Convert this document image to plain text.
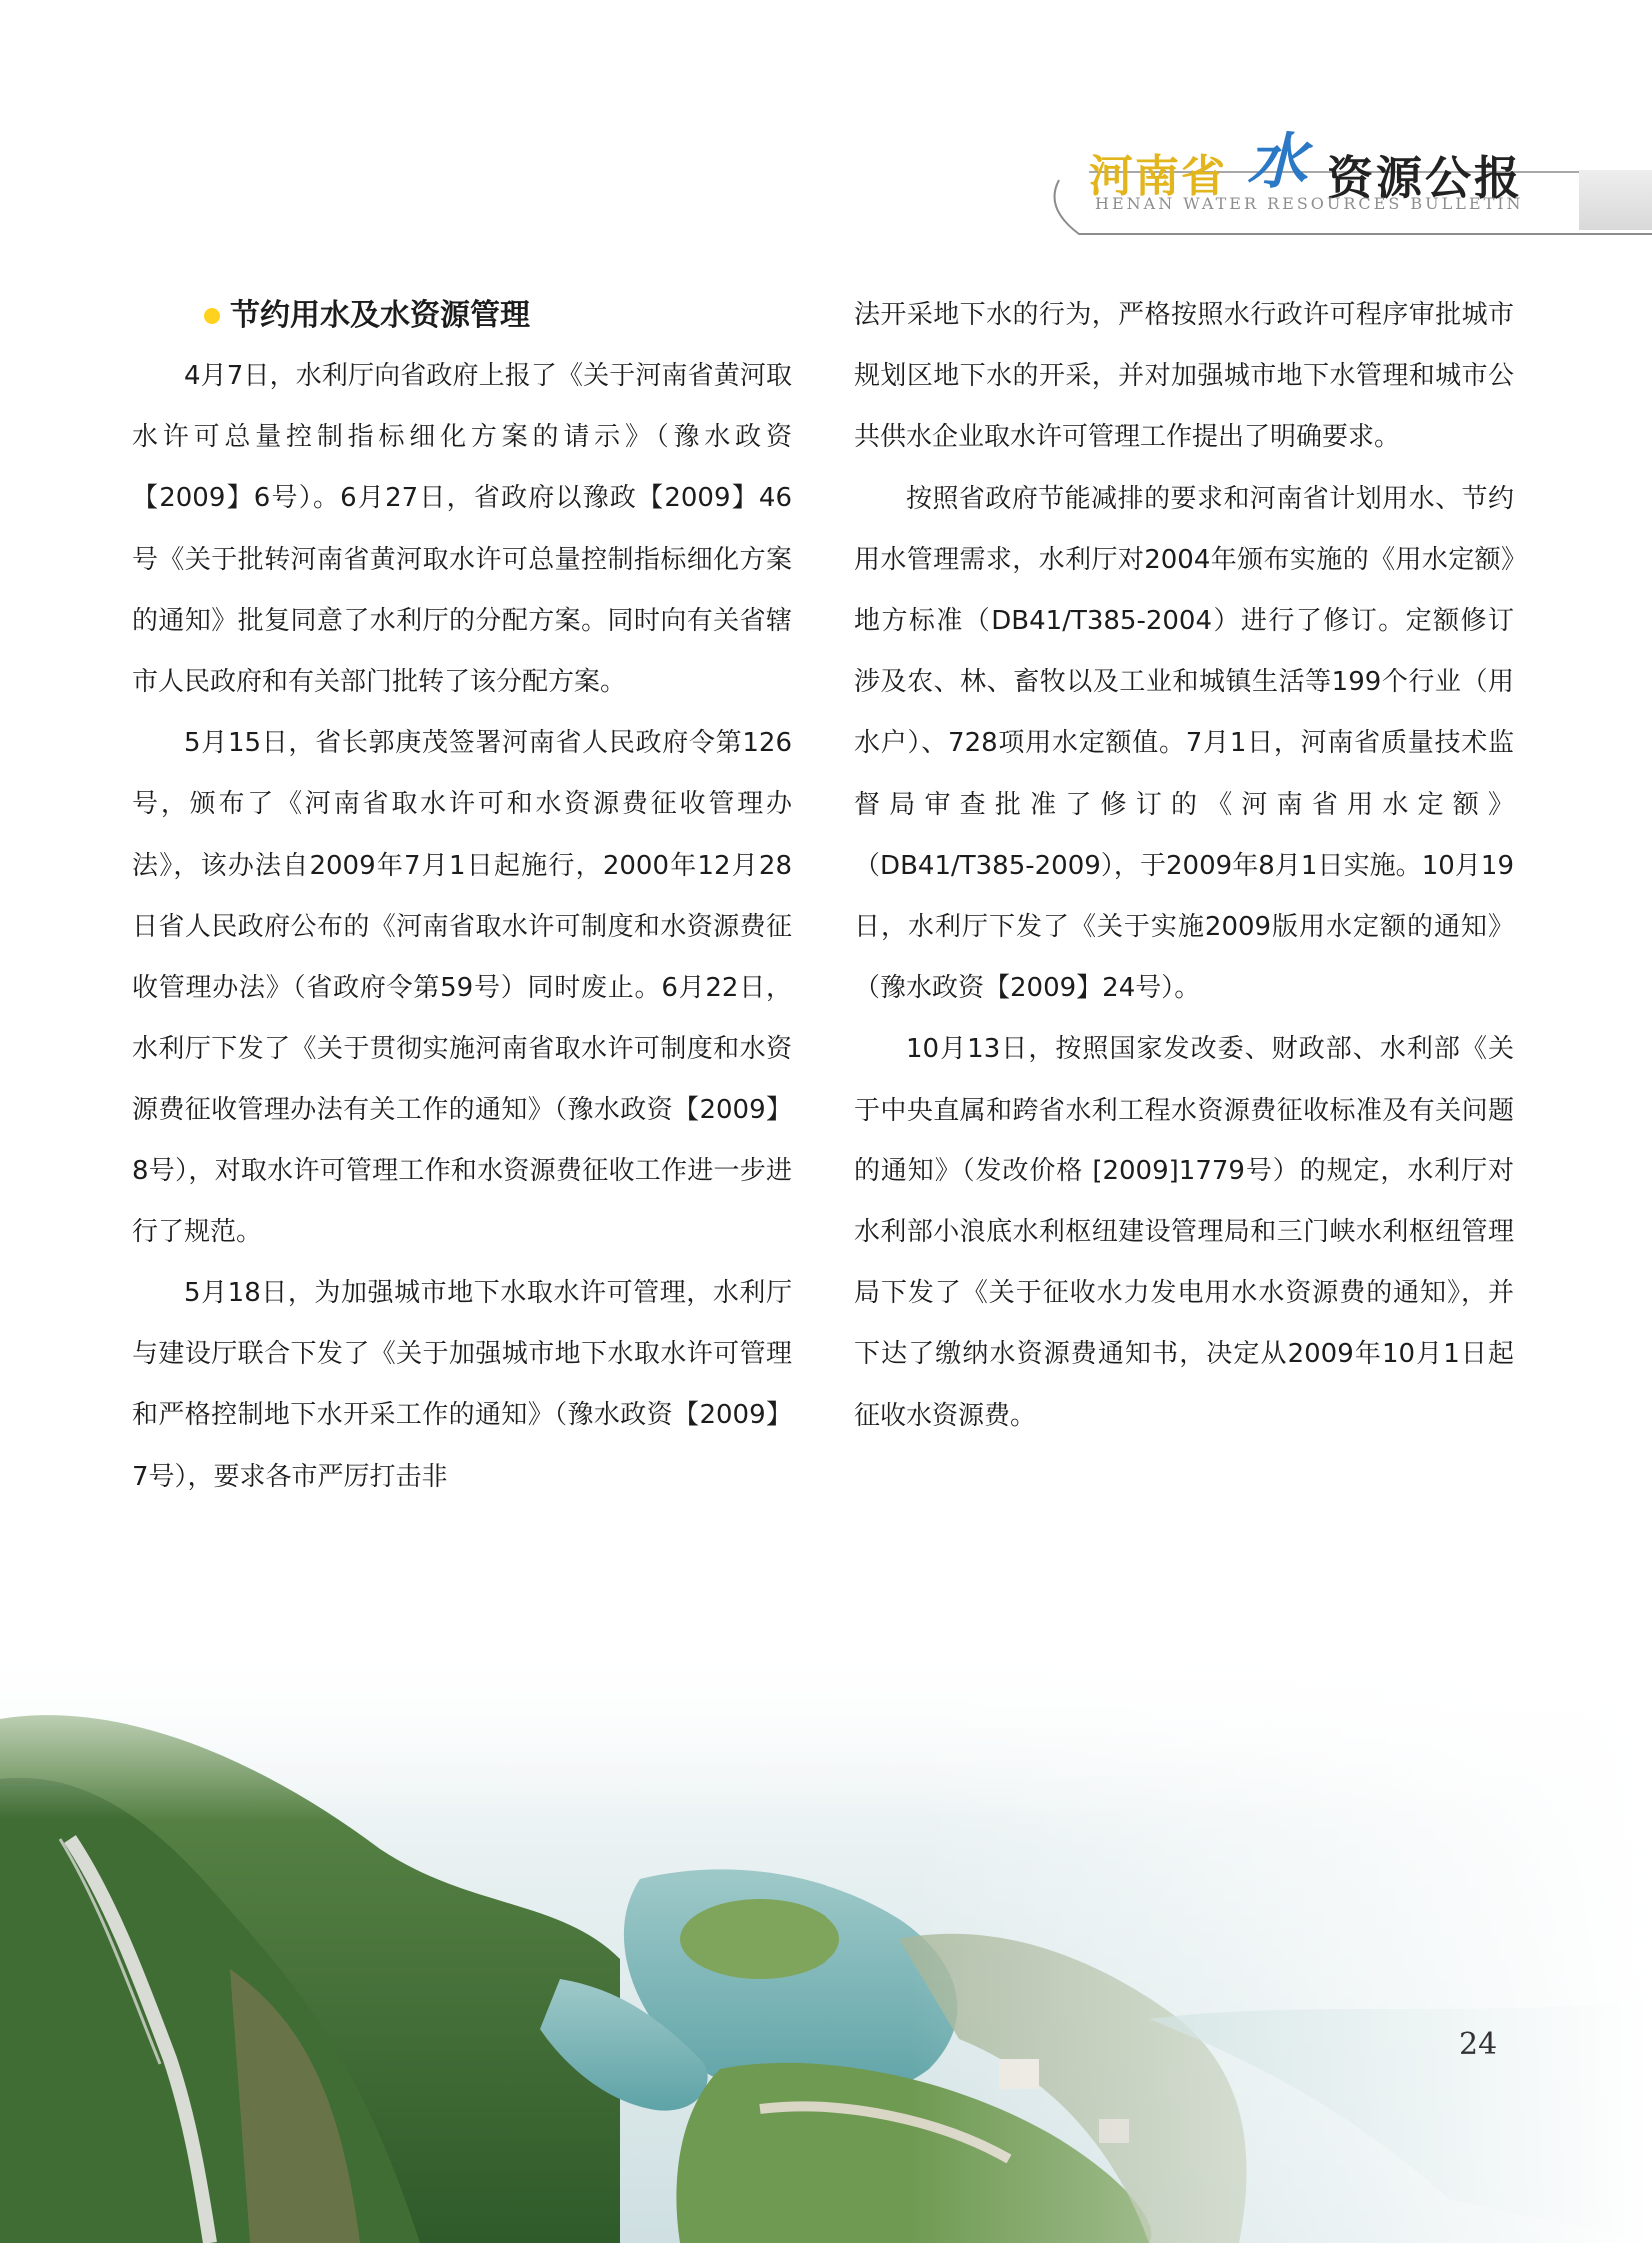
河南省 水 资源公报
HENAN WATER RESOURCES BULLETIN
节约用水及水资源管理

4月7日，水利厅向省政府上报了《关于河南省黄河取水许可总量控制指标细化方案的请示》（豫水政资【2009】6号）。6月27日，省政府以豫政【2009】46号《关于批转河南省黄河取水许可总量控制指标细化方案的通知》批复同意了水利厅的分配方案。同时向有关省辖市人民政府和有关部门批转了该分配方案。

5月15日，省长郭庚茂签署河南省人民政府令第126号，颁布了《河南省取水许可和水资源费征收管理办法》，该办法自2009年7月1日起施行，2000年12月28日省人民政府公布的《河南省取水许可制度和水资源费征收管理办法》（省政府令第59号）同时废止。6月22日，水利厅下发了《关于贯彻实施河南省取水许可制度和水资源费征收管理办法有关工作的通知》（豫水政资【2009】8号），对取水许可管理工作和水资源费征收工作进一步进行了规范。

5月18日，为加强城市地下水取水许可管理，水利厅与建设厅联合下发了《关于加强城市地下水取水许可管理和严格控制地下水开采工作的通知》（豫水政资【2009】7号），要求各市严厉打击非

法开采地下水的行为，严格按照水行政许可程序审批城市规划区地下水的开采，并对加强城市地下水管理和城市公共供水企业取水许可管理工作提出了明确要求。

按照省政府节能减排的要求和河南省计划用水、节约用水管理需求，水利厅对2004年颁布实施的《用水定额》地方标准（DB41/T385-2004）进行了修订。定额修订涉及农、林、畜牧以及工业和城镇生活等199个行业（用水户）、728项用水定额值。7月1日，河南省质量技术监督局审查批准了修订的《河南省用水定额》（DB41/T385-2009），于2009年8月1日实施。10月19日，水利厅下发了《关于实施2009版用水定额的通知》（豫水政资【2009】24号）。

10月13日，按照国家发改委、财政部、水利部《关于中央直属和跨省水利工程水资源费征收标准及有关问题的通知》（发改价格 [2009]1779号）的规定，水利厅对水利部小浪底水利枢纽建设管理局和三门峡水利枢纽管理局下发了《关于征收水力发电用水水资源费的通知》，并下达了缴纳水资源费通知书，决定从2009年10月1日起征收水资源费。

24
